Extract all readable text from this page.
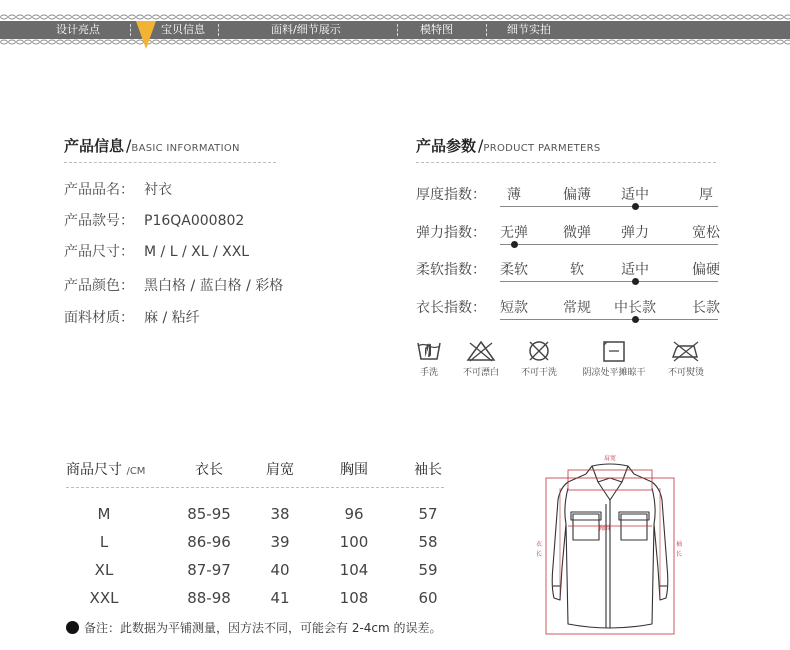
设计亮点	宝贝信息	面料/细节展示	模特图	细节实拍
产品信息 /BASIC INFORMATION
产品品名： 衬衣
产品款号： P16QA000802
产品尺寸： M / L / XL / XXL
产品颜色： 黑白格 / 蓝白格 / 彩格
面料材质： 麻 / 粘纤
产品参数 /PRODUCT PARMETERS
厚度指数： 薄	偏薄 适中	厚
弹力指数： 无弹	微弹 弹力	宽松
柔软指数： 柔软	软	适中	偏硬
衣长指数： 短款	常规 中长款	长款
手洗	不可漂白	不可干洗	阴凉处平摊晾干	不可熨烫
商品尺寸 /CM	衣长	肩宽	胸围	袖长
M	85-95	38	96	57
L	86-96	39	100	58
XL	87-97	40	104	59
XXL	88-98	41	108	60
备注：此数据为平铺测量，因方法不同，可能会有 2-4cm 的误差。
肩宽
胸围
衣
长
袖
长
